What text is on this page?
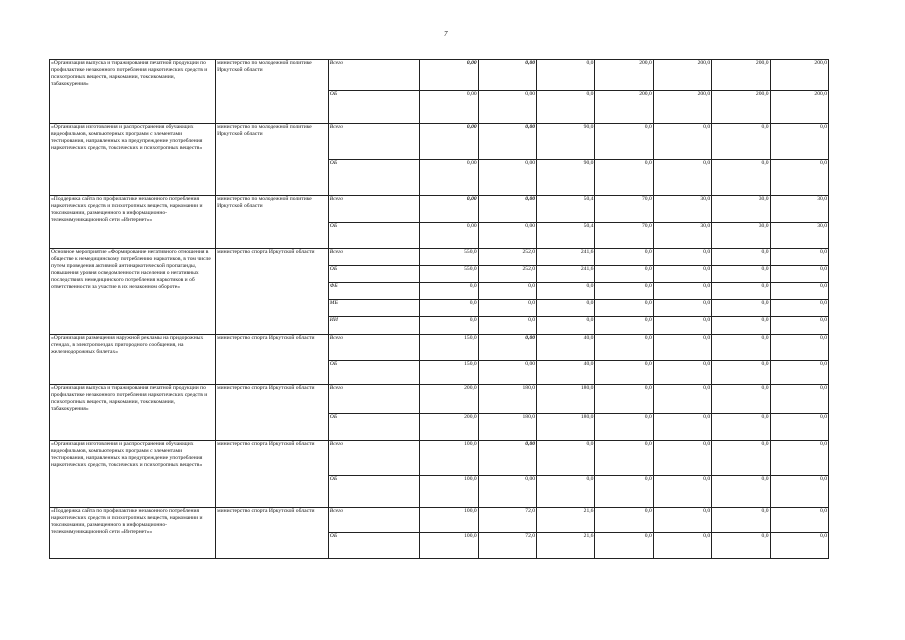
7
«Организация выпуска и тиражирования печатной продукции по профилактике незаконного потребления наркотических средств и психотропных веществ, наркомании, токсикомании, табакокурения»	министерство по молодежной политике Иркутской области	Всего	0,00	0,00	0,0	200,0	200,0	200,0	200,0
		ОБ	0,00	0,00	0,0	200,0	200,0	200,0	200,0
«Организация изготовления и распространения обучающих видеофильмов, компьютерных программ с элементами тестирования, направленных на предупреждение употребления наркотических средств, токсических и психотропных веществ»	министерство по молодежной политике Иркутской области	Всего	0,00	0,00	90,0	0,0	0,0	0,0	0,0
		ОБ	0,00	0,00	90,0	0,0	0,0	0,0	0,0
«Поддержка сайта по профилактике незаконного потребления наркотических средств и психотропных веществ, наркомании и токсикомании, размещенного в информационно-телекоммуникационной сети «Интернет»»	министерство по молодежной политике Иркутской области	Всего	0,00	0,00	50,4	70,0	30,0	30,0	30,0
		ОБ	0,00	0,00	50,4	70,0	30,0	30,0	30,0
Основное мероприятие «Формирование негативного отношения в обществе к немедицинскому потреблению наркотиков, в том числе путем проведения активной антинаркотической пропаганды, повышения уровня осведомленности населения о негативных последствиях немедицинского потребления наркотиков и об ответственности за участие в их незаконном обороте»	министерство спорта Иркутской области	Всего	550,0	252,0	241,6	0,0	0,0	0,0	0,0
		ОБ	550,0	252,0	241,6	0,0	0,0	0,0	0,0
		ФБ	0,0	0,0	0,0	0,0	0,0	0,0	0,0
		МБ	0,0	0,0	0,0	0,0	0,0	0,0	0,0
		ИИ	0,0	0,0	0,0	0,0	0,0	0,0	0,0
«Организация размещения наружной рекламы на придорожных стендах, в электропоездах пригородного сообщения, на железнодорожных билетах»	министерство спорта Иркутской области	Всего	150,0	0,00	40,0	0,0	0,0	0,0	0,0
		ОБ	150,0	0,00	40,0	0,0	0,0	0,0	0,0
«Организация выпуска и тиражирования печатной продукции по профилактике незаконного потребления наркотических средств и психотропных веществ, наркомании, токсикомании, табакокурения»	министерство спорта Иркутской области	Всего	200,0	180,0	180,0	0,0	0,0	0,0	0,0
		ОБ	200,0	180,0	180,0	0,0	0,0	0,0	0,0
«Организация изготовления и распространения обучающих видеофильмов, компьютерных программ с элементами тестирования, направленных на предупреждение употребления наркотических средств, токсических и психотропных веществ»	министерство спорта Иркутской области	Всего	100,0	0,00	0,0	0,0	0,0	0,0	0,0
		ОБ	100,0	0,00	0,0	0,0	0,0	0,0	0,0
«Поддержка сайта по профилактике незаконного потребления наркотических средств и психотропных веществ, наркомании и токсикомании, размещенного в информационно-телекоммуникационной сети «Интернет»»	министерство спорта Иркутской области	Всего	100,0	72,0	21,6	0,0	0,0	0,0	0,0
		ОБ	100,0	72,0	21,6	0,0	0,0	0,0	0,0
